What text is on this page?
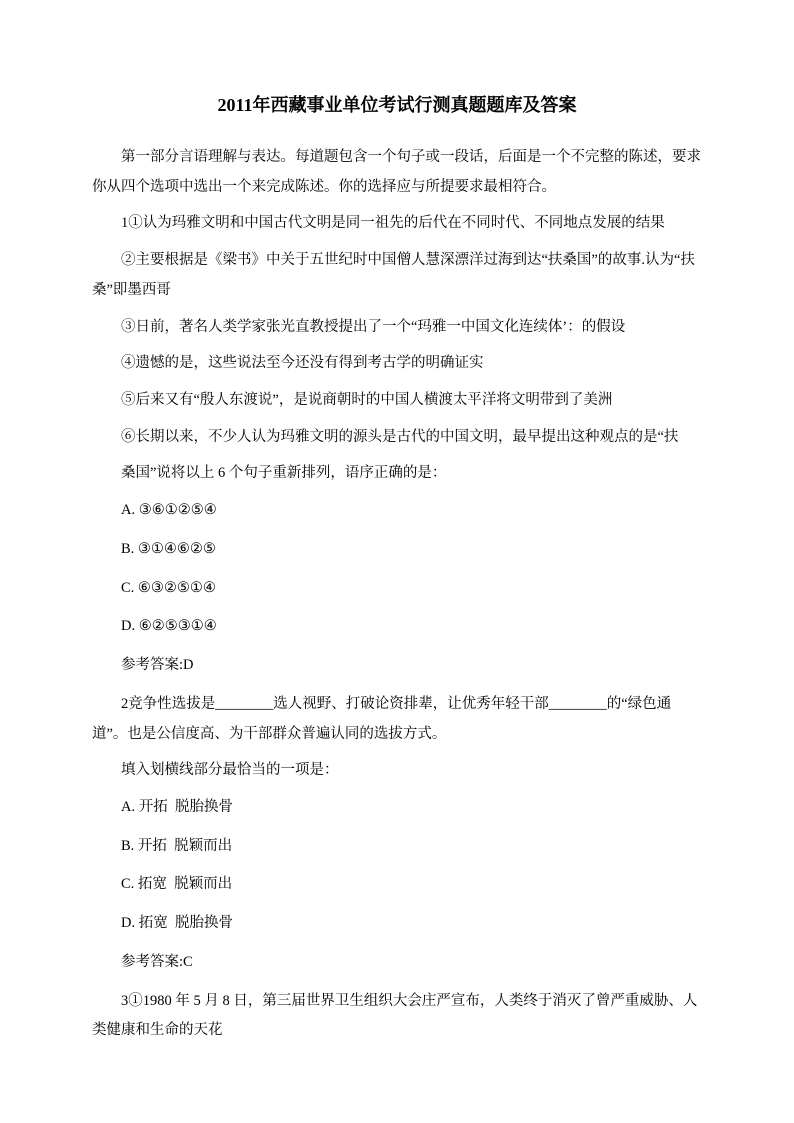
2011年西藏事业单位考试行测真题题库及答案

第一部分言语理解与表达。每道题包含一个句子或一段话，后面是一个不完整的陈述，要求你从四个选项中选出一个来完成陈述。你的选择应与所提要求最相符合。

1①认为玛雅文明和中国古代文明是同一祖先的后代在不同时代、不同地点发展的结果

②主要根据是《梁书》中关于五世纪时中国僧人慧深漂洋过海到达“扶桑国”的故事.认为“扶桑”即墨西哥

③日前，著名人类学家张光直教授提出了一个“玛雅一中国文化连续体’：的假设

④遗憾的是，这些说法至今还没有得到考古学的明确证实

⑤后来又有“殷人东渡说”，是说商朝时的中国人横渡太平洋将文明带到了美洲

⑥长期以来，不少人认为玛雅文明的源头是古代的中国文明，最早提出这种观点的是“扶

桑国”说将以上 6 个句子重新排列，语序正确的是：

A. ③⑥①②⑤④

B. ③①④⑥②⑤

C. ⑥③②⑤①④

D. ⑥②⑤③①④

参考答案:D

2竞争性选拔是________选人视野、打破论资排辈，让优秀年轻干部________的“绿色通道”。也是公信度高、为干部群众普遍认同的选拔方式。

填入划横线部分最恰当的一项是：

A. 开拓  脱胎换骨

B. 开拓  脱颖而出

C. 拓宽  脱颖而出

D. 拓宽  脱胎换骨

参考答案:C

3①1980 年 5 月 8 日，第三届世界卫生组织大会庄严宣布，人类终于消灭了曾严重威胁、人类健康和生命的天花
